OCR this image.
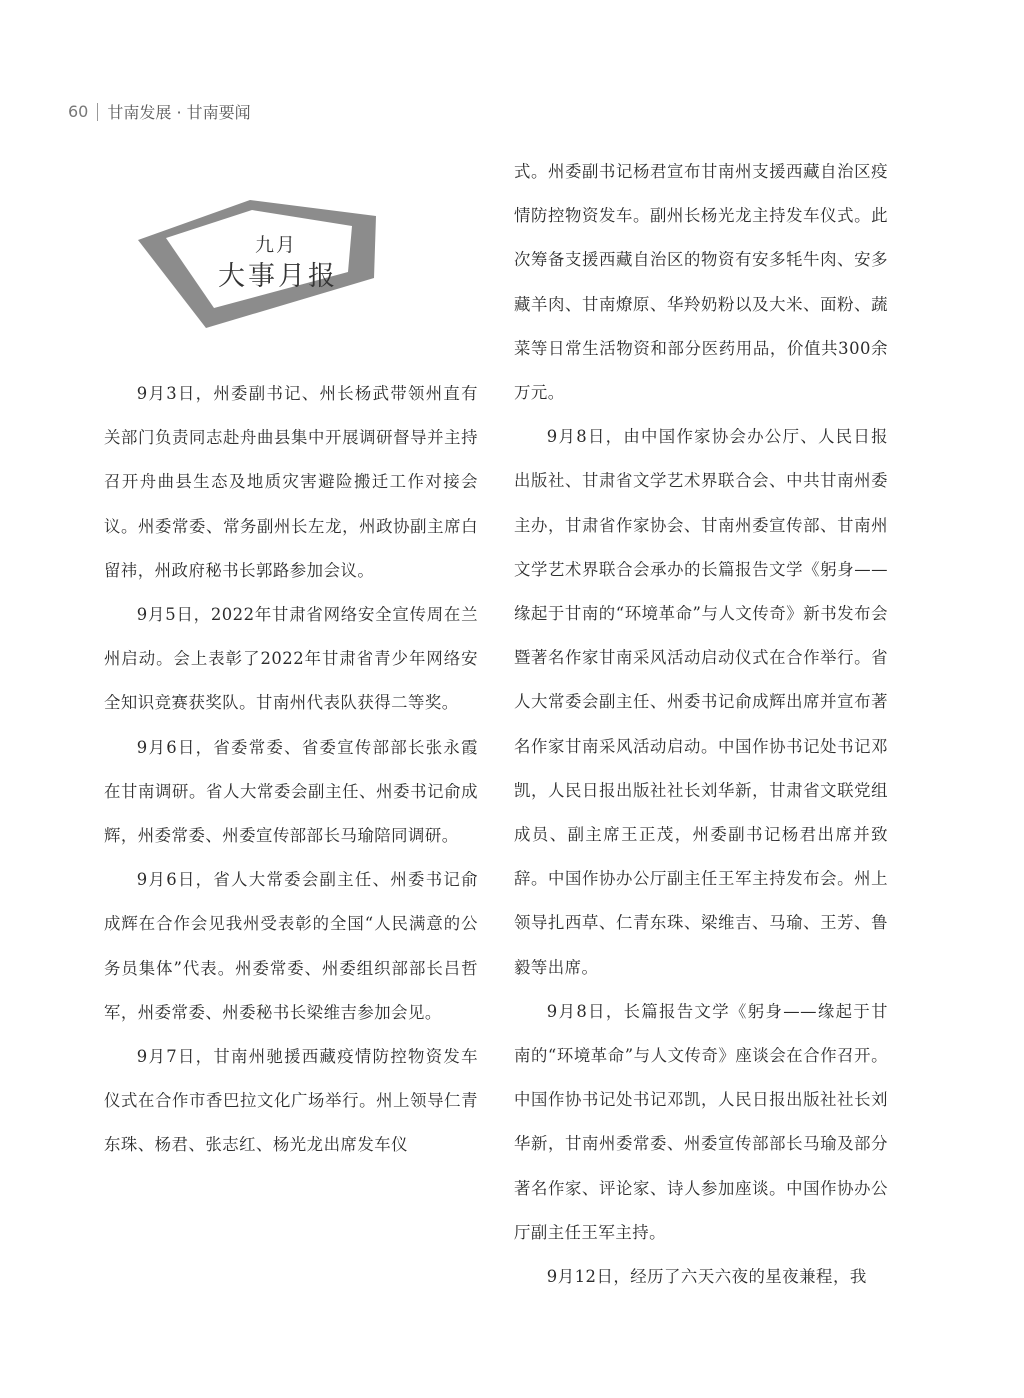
60 甘南发展 · 甘南要闻
九月
大事月报

9月3日，州委副书记、州长杨武带领州直有关部门负责同志赴舟曲县集中开展调研督导并主持召开舟曲县生态及地质灾害避险搬迁工作对接会议。州委常委、常务副州长左龙，州政协副主席白留祎，州政府秘书长郭路参加会议。

9月5日，2022年甘肃省网络安全宣传周在兰州启动。会上表彰了2022年甘肃省青少年网络安全知识竞赛获奖队。甘南州代表队获得二等奖。

9月6日，省委常委、省委宣传部部长张永霞在甘南调研。省人大常委会副主任、州委书记俞成辉，州委常委、州委宣传部部长马瑜陪同调研。

9月6日，省人大常委会副主任、州委书记俞成辉在合作会见我州受表彰的全国“人民满意的公务员集体”代表。州委常委、州委组织部部长吕哲军，州委常委、州委秘书长梁维吉参加会见。

9月7日，甘南州驰援西藏疫情防控物资发车仪式在合作市香巴拉文化广场举行。州上领导仁青东珠、杨君、张志红、杨光龙出席发车仪

式。州委副书记杨君宣布甘南州支援西藏自治区疫情防控物资发车。副州长杨光龙主持发车仪式。此次筹备支援西藏自治区的物资有安多牦牛肉、安多藏羊肉、甘南燎原、华羚奶粉以及大米、面粉、蔬菜等日常生活物资和部分医药用品，价值共300余万元。

9月8日，由中国作家协会办公厅、人民日报出版社、甘肃省文学艺术界联合会、中共甘南州委主办，甘肃省作家协会、甘南州委宣传部、甘南州文学艺术界联合会承办的长篇报告文学《躬身——缘起于甘南的“环境革命”与人文传奇》新书发布会暨著名作家甘南采风活动启动仪式在合作举行。省人大常委会副主任、州委书记俞成辉出席并宣布著名作家甘南采风活动启动。中国作协书记处书记邓凯，人民日报出版社社长刘华新，甘肃省文联党组成员、副主席王正茂，州委副书记杨君出席并致辞。中国作协办公厅副主任王军主持发布会。州上领导扎西草、仁青东珠、梁维吉、马瑜、王芳、鲁毅等出席。

9月8日，长篇报告文学《躬身——缘起于甘南的“环境革命”与人文传奇》座谈会在合作召开。中国作协书记处书记邓凯，人民日报出版社社长刘华新，甘南州委常委、州委宣传部部长马瑜及部分著名作家、评论家、诗人参加座谈。中国作协办公厅副主任王军主持。

9月12日，经历了六天六夜的星夜兼程，我
